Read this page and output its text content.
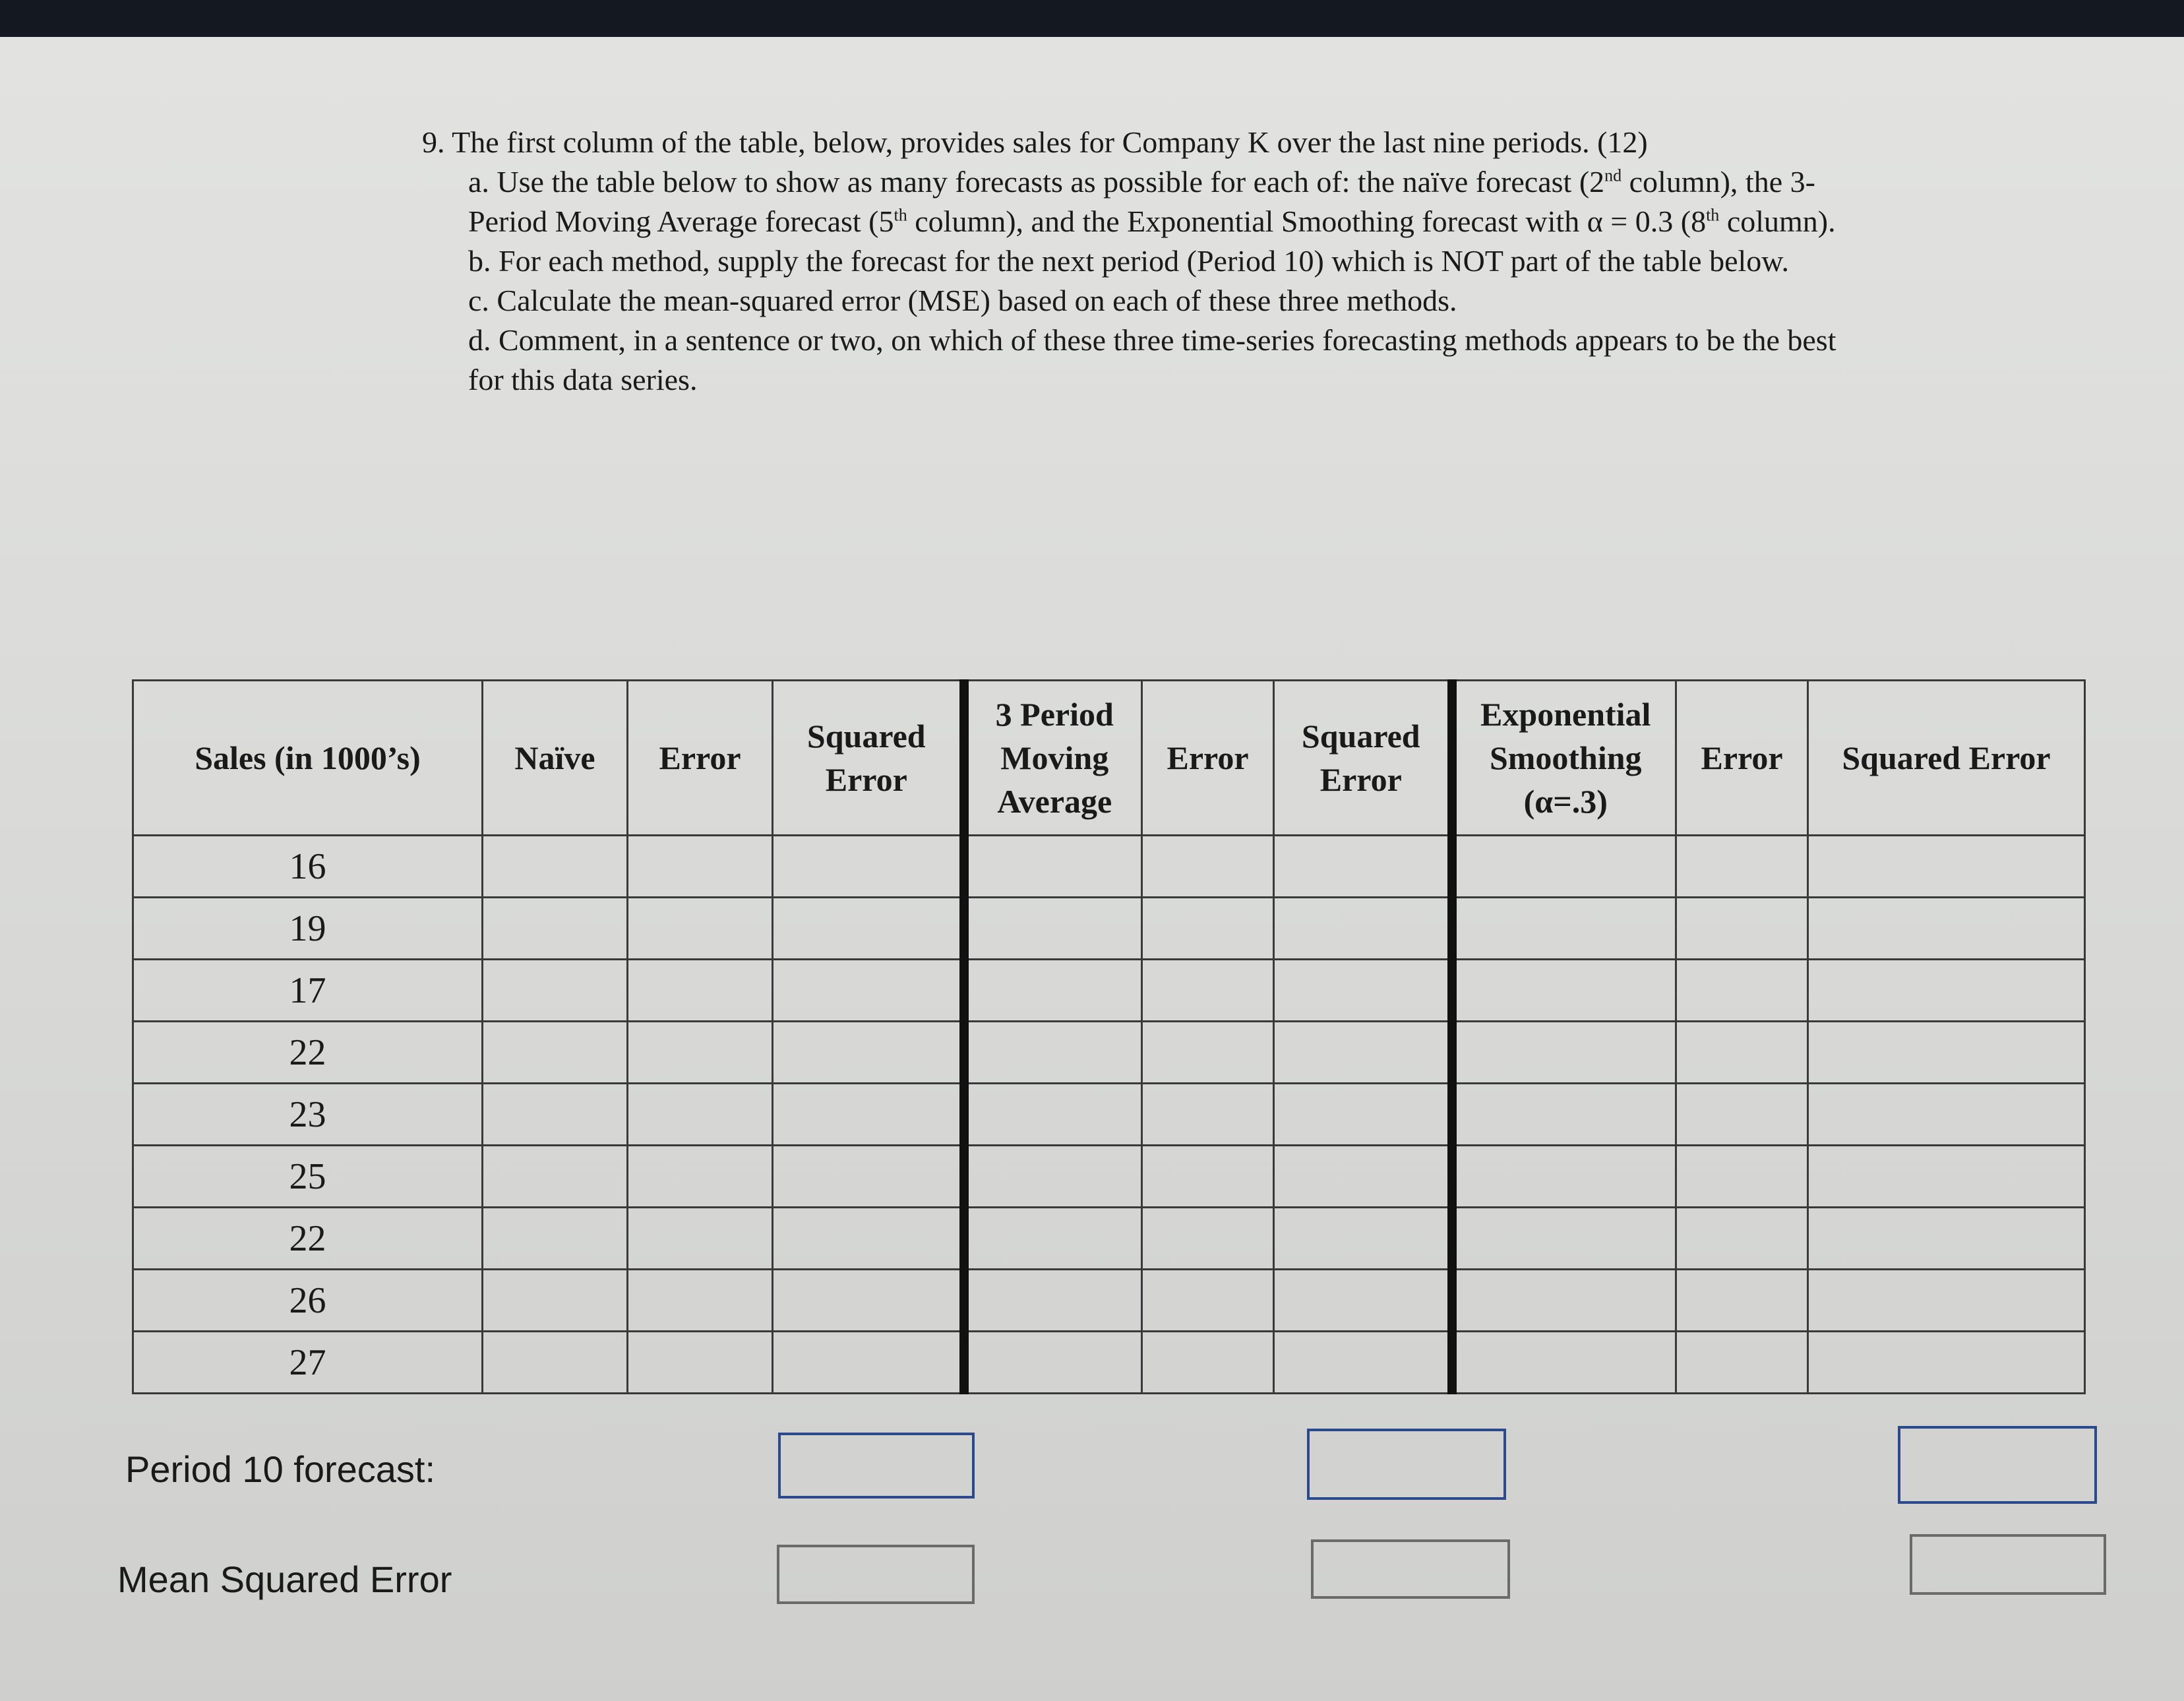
9. The first column of the table, below, provides sales for Company K over the last nine periods. (12)

a. Use the table below to show as many forecasts as possible for each of: the naïve forecast (2nd column), the 3-Period Moving Average forecast (5th column), and the Exponential Smoothing forecast with α = 0.3 (8th column).

b. For each method, supply the forecast for the next period (Period 10) which is NOT part of the table below.

c. Calculate the mean-squared error (MSE) based on each of these three methods.

d. Comment, in a sentence or two, on which of these three time-series forecasting methods appears to be the best for this data series.

Sales (in 1000’s)	Naïve	Error	Squared Error	3 Period Moving Average	Error	Squared Error	Exponential Smoothing (α=.3)	Error	Squared Error
16									
19									
17									
22									
23									
25									
22									
26									
27									
Period 10 forecast:
Mean Squared Error
